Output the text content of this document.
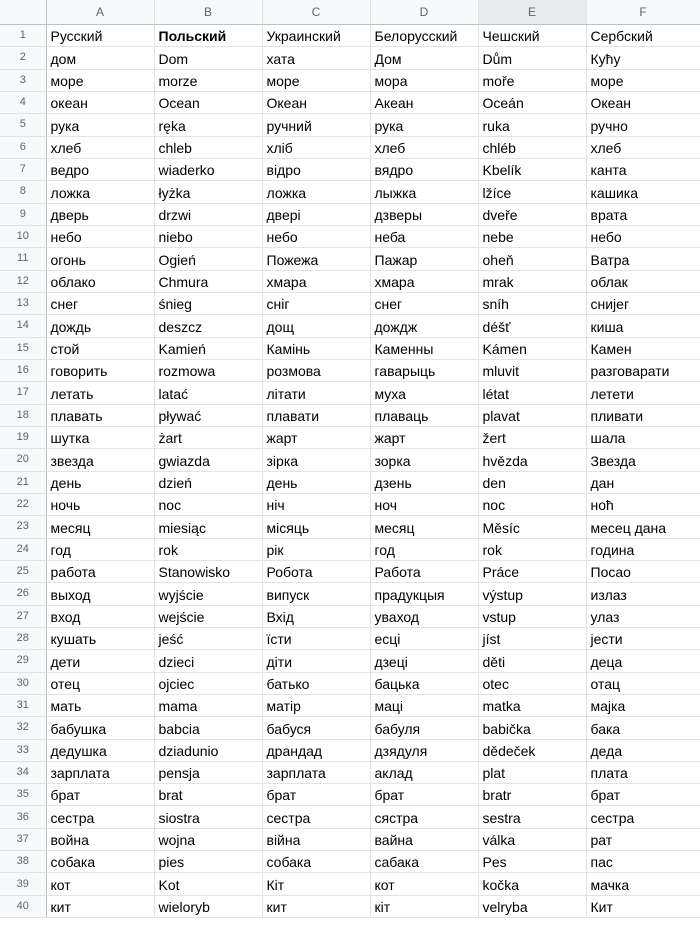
	A	B	C	D	E	F
1	Русский	Польский	Украинский	Белорусский	Чешский	Сербский
2	дом	Dom	хата	Дом	Dům	Кућу
3	море	morze	море	мора	moře	море
4	океан	Ocean	Океан	Акеан	Oceán	Океан
5	рука	ręka	ручний	рука	ruka	ручно
6	хлеб	chleb	хліб	хлеб	chléb	хлеб
7	ведро	wiaderko	відро	вядро	Kbelík	канта
8	ложка	łyżka	ложка	лыжка	lžíce	кашика
9	дверь	drzwi	двері	дзверы	dveře	врата
10	небо	niebo	небо	неба	nebe	небо
11	огонь	Ogień	Пожежа	Пажар	oheň	Ватра
12	облако	Chmura	хмара	хмара	mrak	облак
13	снег	śnieg	сніг	снег	sníh	снијег
14	дождь	deszcz	дощ	дождж	déšť	киша
15	стой	Kamień	Камінь	Каменны	Kámen	Камен
16	говорить	rozmowa	розмова	гаварыць	mluvit	разговарати
17	летать	latać	літати	муха	létat	летети
18	плавать	pływać	плавати	плаваць	plavat	пливати
19	шутка	żart	жарт	жарт	žert	шала
20	звезда	gwiazda	зірка	зорка	hvězda	Звезда
21	день	dzień	день	дзень	den	дан
22	ночь	noc	ніч	ноч	noc	ноћ
23	месяц	miesiąc	місяць	месяц	Měsíc	месец дана
24	год	rok	рік	год	rok	година
25	работа	Stanowisko	Робота	Работа	Práce	Посао
26	выход	wyjście	випуск	прадукцыя	výstup	излаз
27	вход	wejście	Вхід	уваход	vstup	улаз
28	кушать	jeść	їсти	есці	jíst	јести
29	дети	dzieci	діти	дзеці	děti	деца
30	отец	ojciec	батько	бацька	otec	отац
31	мать	mama	матір	маці	matka	мајка
32	бабушка	babcia	бабуся	бабуля	babička	бака
33	дедушка	dziadunio	драндад	дзядуля	dědeček	деда
34	зарплата	pensja	зарплата	аклад	plat	плата
35	брат	brat	брат	брат	bratr	брат
36	сестра	siostra	сестра	сястра	sestra	сестра
37	война	wojna	війна	вайна	válka	рат
38	собака	pies	собака	сабака	Pes	пас
39	кот	Kot	Кіт	кот	kočka	мачка
40	кит	wieloryb	кит	кіт	velryba	Кит
